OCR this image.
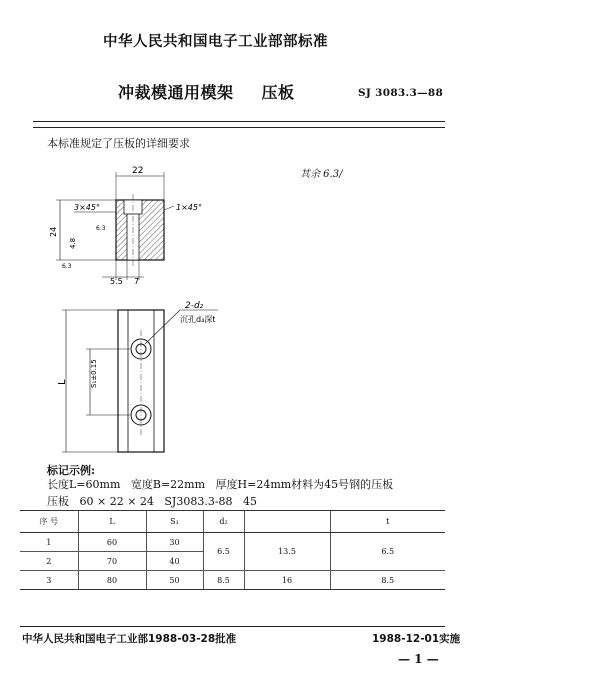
中华人民共和国电子工业部部标准
冲裁模通用模架 压板	SJ 3083.3—88
本标准规定了压板的详细要求
其余 6.3/
22
24
3×45°	1×45°
4.8
6.3
6.3
5.5 7
2-d₂
沉孔d₄深t
L	S₁±0.15
标记示例:
长度L=60mm   宽度B=22mm   厚度H=24mm材料为45号钢的压板
压板   60 × 22 × 24   SJ3083.3-88   45
序 号	L	S₁	d₂		t
1	60	30	6.5	13.5	6.5
2	70	40			
3	80	50	8.5	16	8.5
中华人民共和国电子工业部1988-03-28批准	1988-12-01实施
— 1 —
